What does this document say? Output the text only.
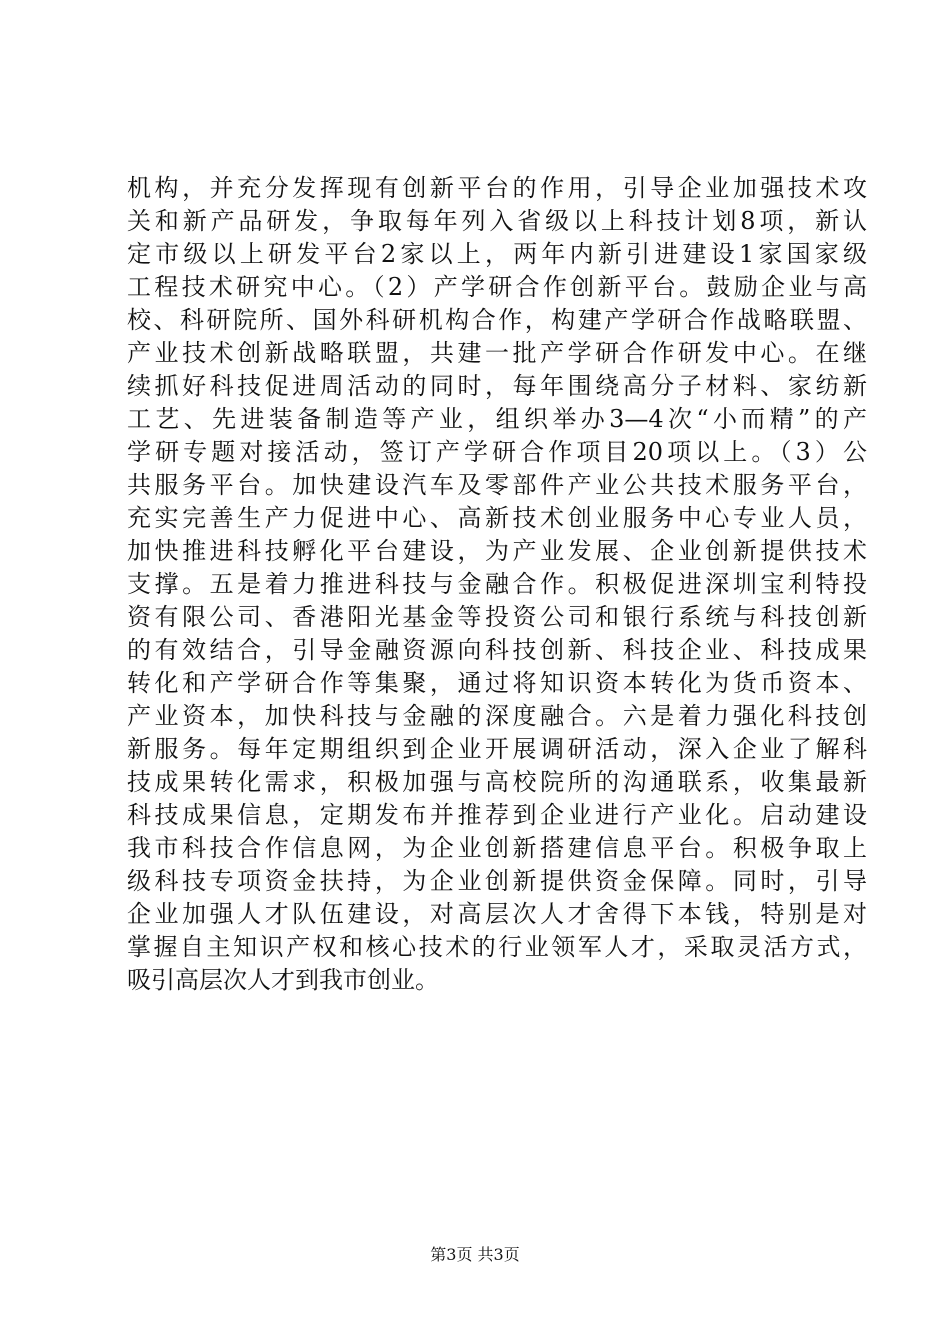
机构，并充分发挥现有创新平台的作用，引导企业加强技术攻
关和新产品研发，争取每年列入省级以上科技计划8项，新认
定市级以上研发平台2家以上，两年内新引进建设1家国家级
工程技术研究中心。（2）产学研合作创新平台。鼓励企业与高
校、科研院所、国外科研机构合作，构建产学研合作战略联盟、
产业技术创新战略联盟，共建一批产学研合作研发中心。在继
续抓好科技促进周活动的同时，每年围绕高分子材料、家纺新
工艺、先进装备制造等产业，组织举办3—4次“小而精”的产
学研专题对接活动，签订产学研合作项目20项以上。（3）公
共服务平台。加快建设汽车及零部件产业公共技术服务平台，
充实完善生产力促进中心、高新技术创业服务中心专业人员，
加快推进科技孵化平台建设，为产业发展、企业创新提供技术
支撑。五是着力推进科技与金融合作。积极促进深圳宝利特投
资有限公司、香港阳光基金等投资公司和银行系统与科技创新
的有效结合，引导金融资源向科技创新、科技企业、科技成果
转化和产学研合作等集聚，通过将知识资本转化为货币资本、
产业资本，加快科技与金融的深度融合。六是着力强化科技创
新服务。每年定期组织到企业开展调研活动，深入企业了解科
技成果转化需求，积极加强与高校院所的沟通联系，收集最新
科技成果信息，定期发布并推荐到企业进行产业化。启动建设
我市科技合作信息网，为企业创新搭建信息平台。积极争取上
级科技专项资金扶持，为企业创新提供资金保障。同时，引导
企业加强人才队伍建设，对高层次人才舍得下本钱，特别是对
掌握自主知识产权和核心技术的行业领军人才，采取灵活方式，
吸引高层次人才到我市创业。
第3页 共3页
